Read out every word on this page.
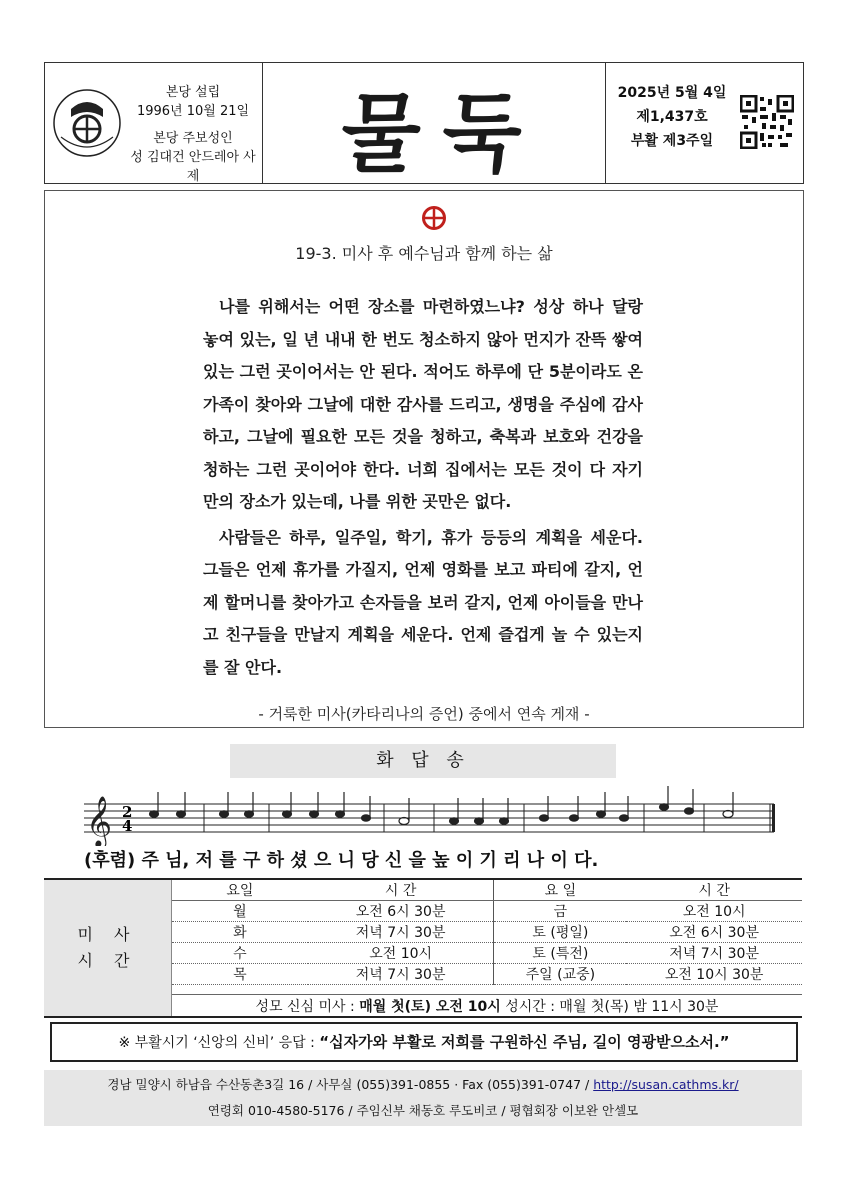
본당 설립
1996년 10월 21일
본당 주보성인
성 김대건 안드레아 사제	물둑	2025년 5월 4일
제1,437호
부활 제3주일
19-3. 미사 후 예수님과 함께 하는 삶

나를 위해서는 어떤 장소를 마련하였느냐? 성상 하나 달랑 놓여 있는, 일 년 내내 한 번도 청소하지 않아 먼지가 잔뜩 쌓여 있는 그런 곳이어서는 안 된다. 적어도 하루에 단 5분이라도 온 가족이 찾아와 그날에 대한 감사를 드리고, 생명을 주심에 감사하고, 그날에 필요한 모든 것을 청하고, 축복과 보호와 건강을 청하는 그런 곳이어야 한다. 너희 집에서는 모든 것이 다 자기만의 장소가 있는데, 나를 위한 곳만은 없다.

사람들은 하루, 일주일, 학기, 휴가 등등의 계획을 세운다. 그들은 언제 휴가를 가질지, 언제 영화를 보고 파티에 갈지, 언제 할머니를 찾아가고 손자들을 보러 갈지, 언제 아이들을 만나고 친구들을 만날지 계획을 세운다. 언제 즐겁게 놀 수 있는지를 잘 안다.

- 거룩한 미사(카타리나의 증언) 중에서 연속 게재 -
화 답 송
𝄞 2
4
(후렴) 주 님, 저 를 구 하 셨 으 니 당 신 을 높 이 기 리 나 이 다.
미 사
시 간
요일	시 간	요 일	시 간
월	오전 6시 30분	금	오전 10시
화	저녁 7시 30분	토 (평일)	오전 6시 30분
수	오전 10시	토 (특전)	저녁 7시 30분
목	저녁 7시 30분	주일 (교중)	오전 10시 30분
성모 신심 미사 : 매월 첫(토) 오전 10시 성시간 : 매월 첫(목) 밤 11시 30분
※ 부활시기 ‘신앙의 신비’ 응답 : “십자가와 부활로 저희를 구원하신 주님, 길이 영광받으소서.”
경남 밀양시 하남읍 수산동촌3길 16 / 사무실 (055)391-0855 · Fax (055)391-0747 / http://susan.cathms.kr/
연령회 010-4580-5176 / 주임신부 채동호 루도비코 / 평협회장 이보완 안셀모
